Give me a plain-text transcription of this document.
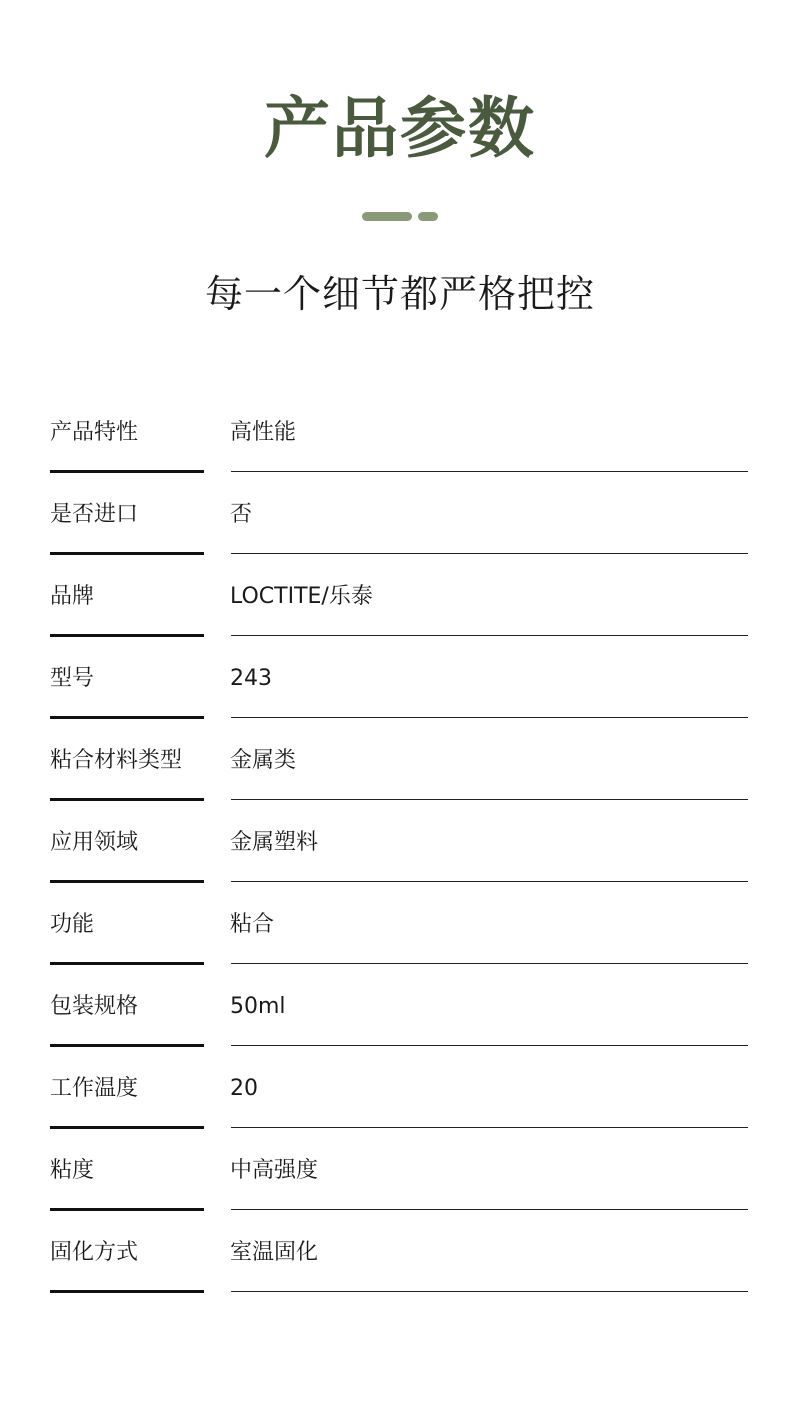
产品参数
每一个细节都严格把控
产品特性	高性能
是否进口	否
品牌	LOCTITE/乐泰
型号	243
粘合材料类型	金属类
应用领域	金属塑料
功能	粘合
包装规格	50ml
工作温度	20
粘度	中高强度
固化方式	室温固化
